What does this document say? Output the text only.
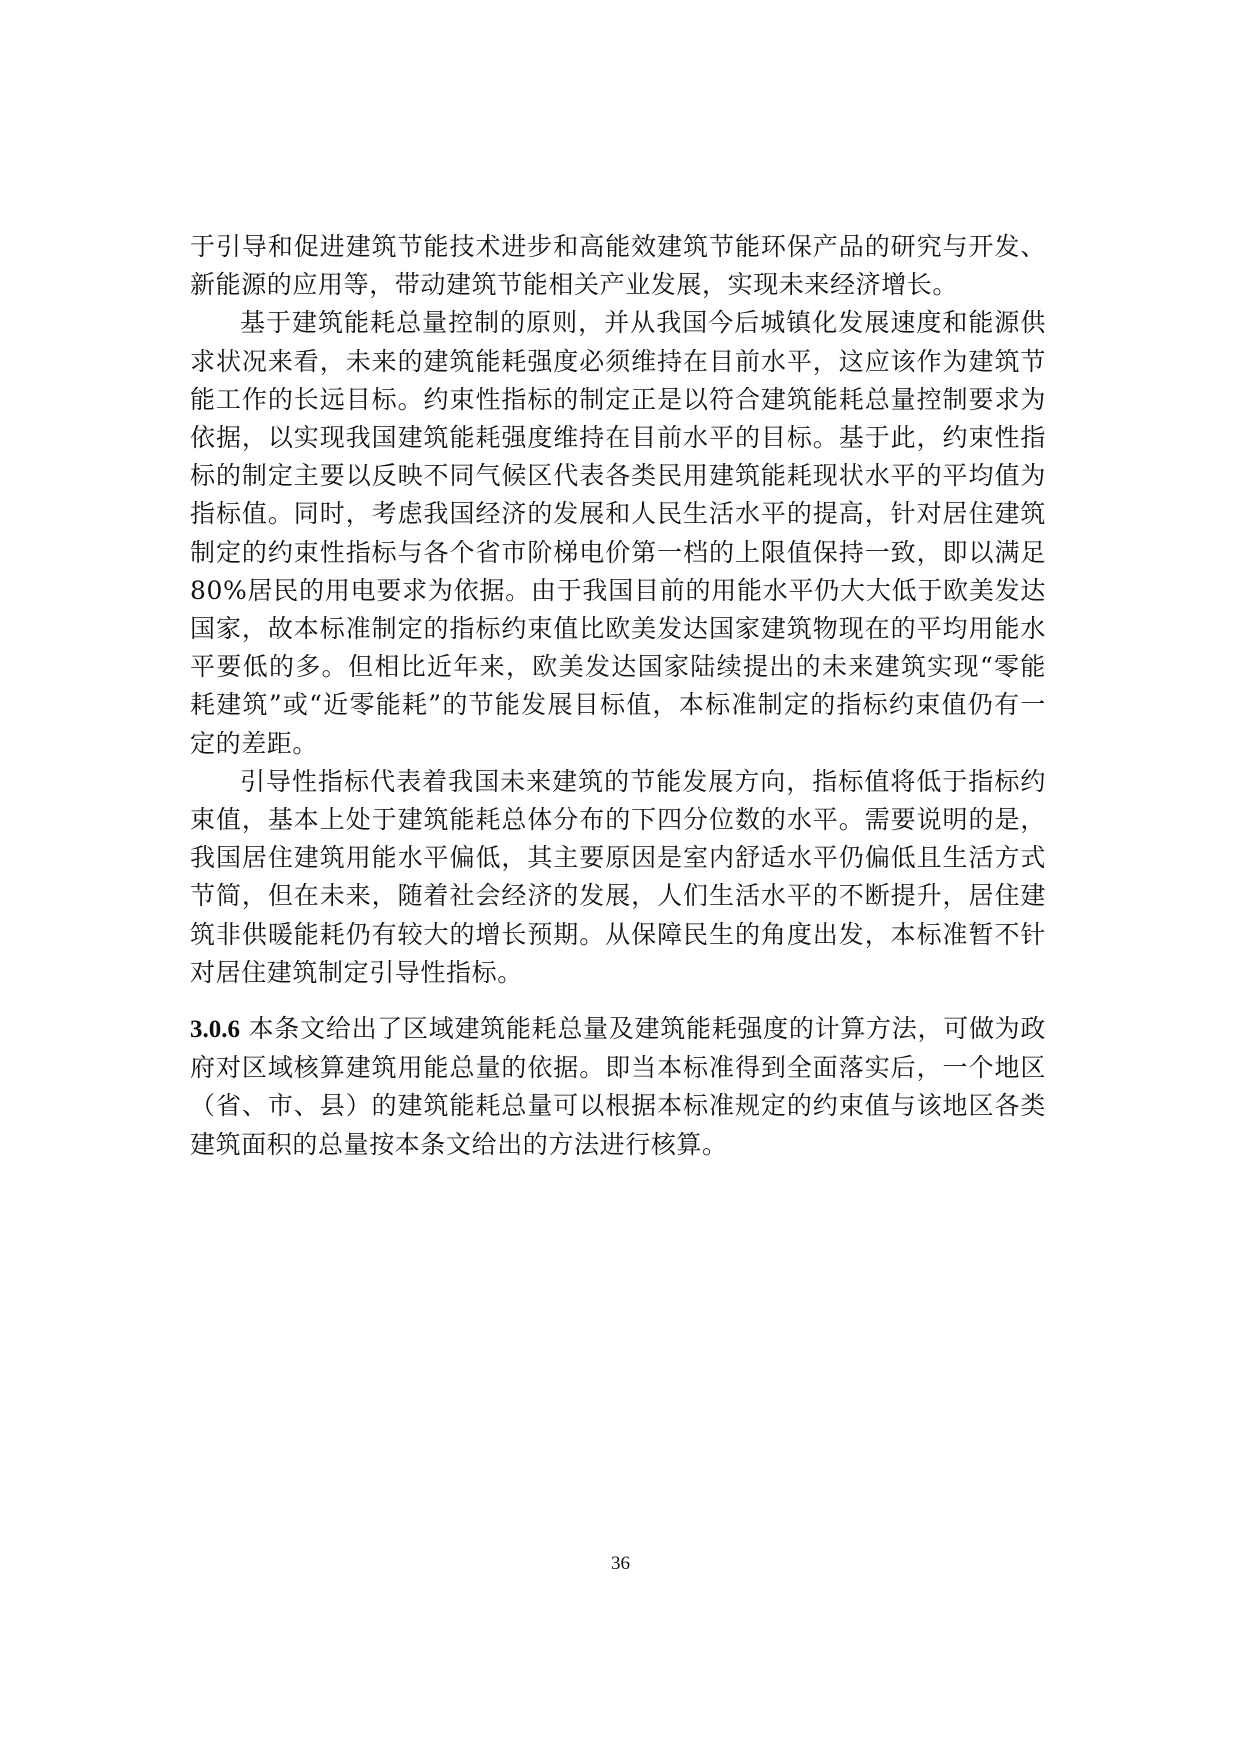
于引导和促进建筑节能技术进步和高能效建筑节能环保产品的研究与开发、新能源的应用等，带动建筑节能相关产业发展，实现未来经济增长。

基于建筑能耗总量控制的原则，并从我国今后城镇化发展速度和能源供求状况来看，未来的建筑能耗强度必须维持在目前水平，这应该作为建筑节能工作的长远目标。约束性指标的制定正是以符合建筑能耗总量控制要求为依据，以实现我国建筑能耗强度维持在目前水平的目标。基于此，约束性指标的制定主要以反映不同气候区代表各类民用建筑能耗现状水平的平均值为指标值。同时，考虑我国经济的发展和人民生活水平的提高，针对居住建筑制定的约束性指标与各个省市阶梯电价第一档的上限值保持一致，即以满足 80%居民的用电要求为依据。由于我国目前的用能水平仍大大低于欧美发达国家，故本标准制定的指标约束值比欧美发达国家建筑物现在的平均用能水平要低的多。但相比近年来，欧美发达国家陆续提出的未来建筑实现“零能耗建筑”或“近零能耗”的节能发展目标值，本标准制定的指标约束值仍有一定的差距。

引导性指标代表着我国未来建筑的节能发展方向，指标值将低于指标约束值，基本上处于建筑能耗总体分布的下四分位数的水平。需要说明的是，我国居住建筑用能水平偏低，其主要原因是室内舒适水平仍偏低且生活方式节简，但在未来，随着社会经济的发展，人们生活水平的不断提升，居住建筑非供暖能耗仍有较大的增长预期。从保障民生的角度出发，本标准暂不针对居住建筑制定引导性指标。

3.0.6 本条文给出了区域建筑能耗总量及建筑能耗强度的计算方法，可做为政府对区域核算建筑用能总量的依据。即当本标准得到全面落实后，一个地区（省、市、县）的建筑能耗总量可以根据本标准规定的约束值与该地区各类建筑面积的总量按本条文给出的方法进行核算。

36
